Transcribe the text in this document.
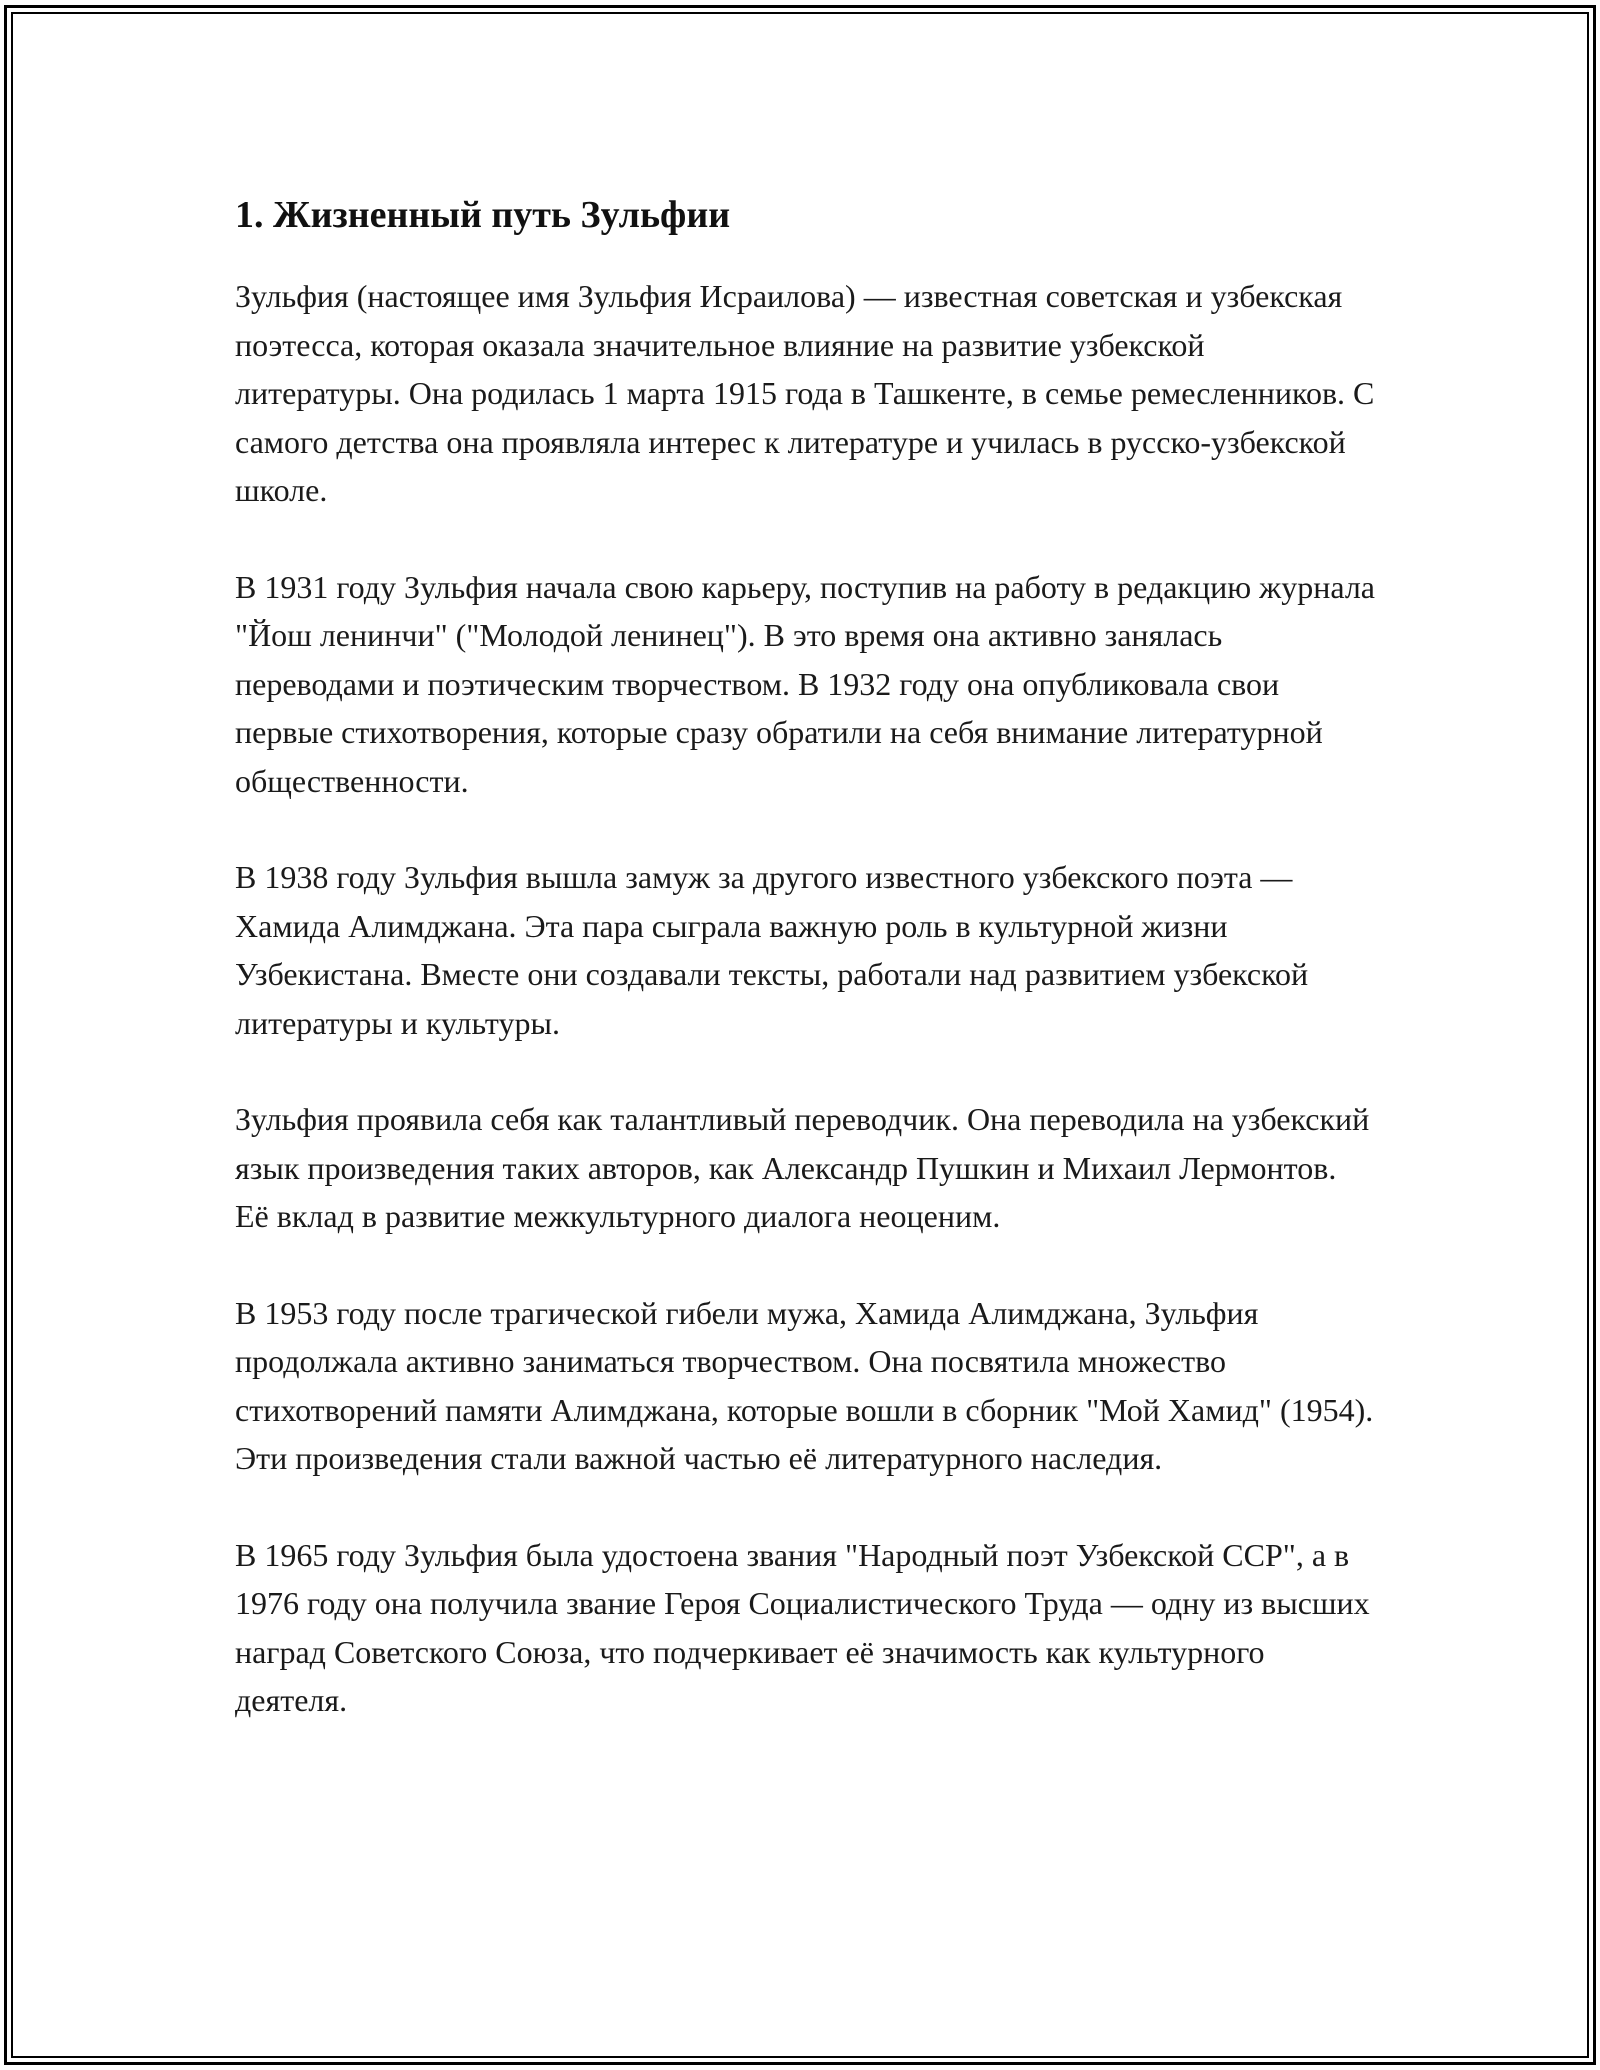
1. Жизненный путь Зульфии

Зульфия (настоящее имя Зульфия Исраилова) — известная советская и узбекская поэтесса, которая оказала значительное влияние на развитие узбекской литературы. Она родилась 1 марта 1915 года в Ташкенте, в семье ремесленников. С самого детства она проявляла интерес к литературе и училась в русско-узбекской школе.

В 1931 году Зульфия начала свою карьеру, поступив на работу в редакцию журнала "Йош ленинчи" ("Молодой ленинец"). В это время она активно занялась переводами и поэтическим творчеством. В 1932 году она опубликовала свои первые стихотворения, которые сразу обратили на себя внимание литературной общественности.

В 1938 году Зульфия вышла замуж за другого известного узбекского поэта — Хамида Алимджана. Эта пара сыграла важную роль в культурной жизни Узбекистана. Вместе они создавали тексты, работали над развитием узбекской литературы и культуры.

Зульфия проявила себя как талантливый переводчик. Она переводила на узбекский язык произведения таких авторов, как Александр Пушкин и Михаил Лермонтов. Её вклад в развитие межкультурного диалога неоценим.

В 1953 году после трагической гибели мужа, Хамида Алимджана, Зульфия продолжала активно заниматься творчеством. Она посвятила множество стихотворений памяти Алимджана, которые вошли в сборник "Мой Хамид" (1954). Эти произведения стали важной частью её литературного наследия.

В 1965 году Зульфия была удостоена звания "Народный поэт Узбекской ССР", а в 1976 году она получила звание Героя Социалистического Труда — одну из высших наград Советского Союза, что подчеркивает её значимость как культурного деятеля.
